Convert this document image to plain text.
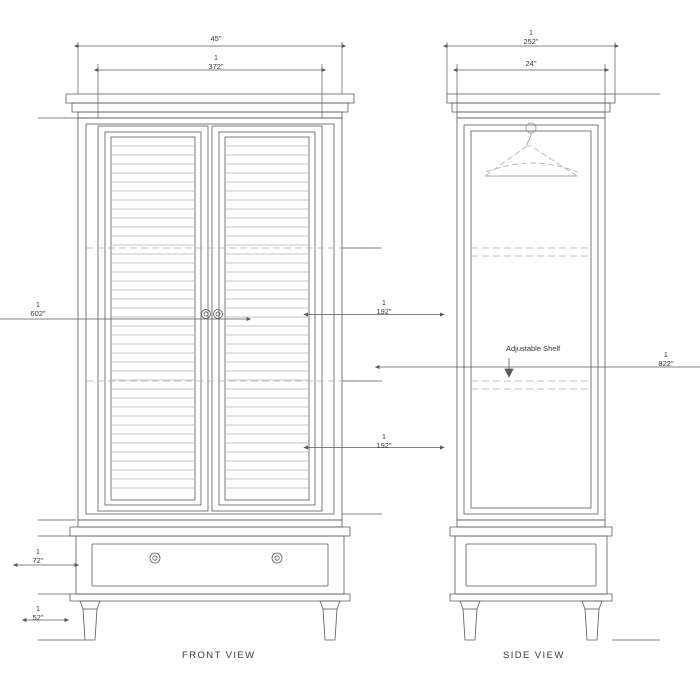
45"
1
372"
1
602"
1
72"
1
52"
1
192"
1
192"
1
252"
24"
1
822"
Adjustable Shelf
FRONT VIEW	SIDE VIEW
